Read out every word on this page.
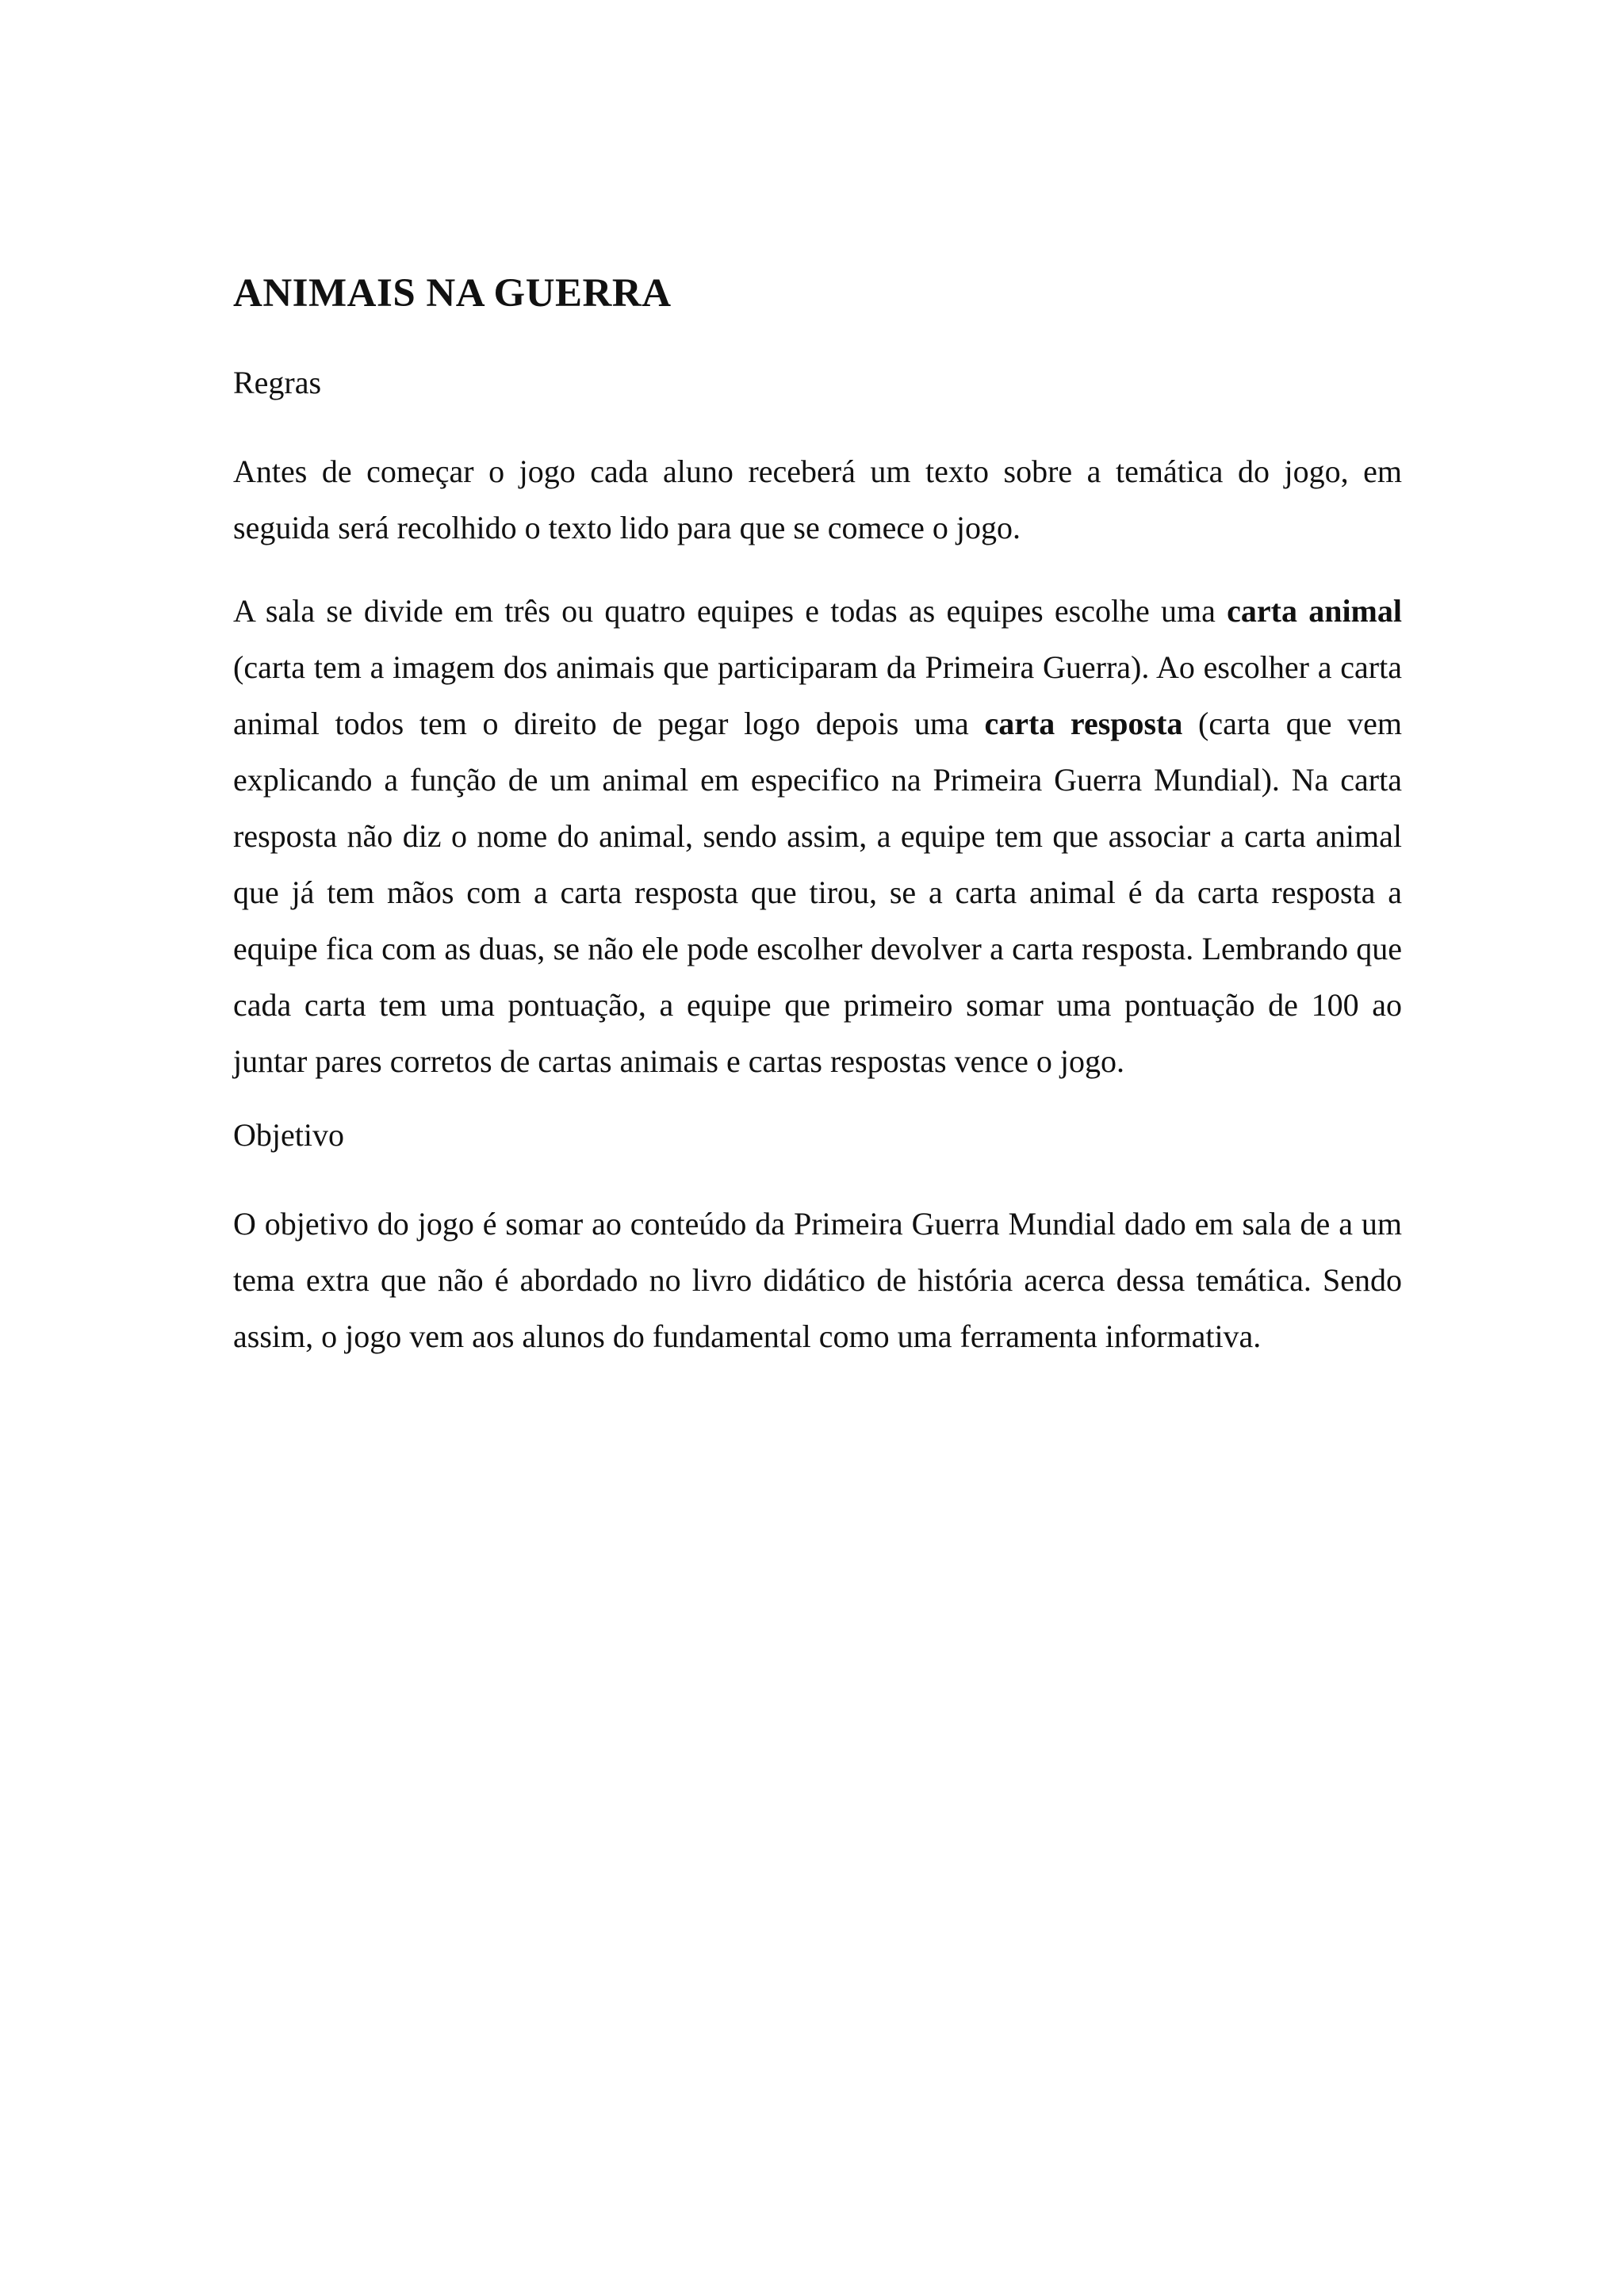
ANIMAIS NA GUERRA
Regras

Antes de começar o jogo cada aluno receberá um texto sobre a temática do jogo, em seguida será recolhido o texto lido para que se comece o jogo.

A sala se divide em três ou quatro equipes e todas as equipes escolhe uma carta animal (carta tem a imagem dos animais que participaram da Primeira Guerra). Ao escolher a carta animal todos tem o direito de pegar logo depois uma carta resposta (carta que vem explicando a função de um animal em especifico na Primeira Guerra Mundial). Na carta resposta não diz o nome do animal, sendo assim, a equipe tem que associar a carta animal que já tem mãos com a carta resposta que tirou, se a carta animal é da carta resposta a equipe fica com as duas, se não ele pode escolher devolver a carta resposta. Lembrando que cada carta tem uma pontuação, a equipe que primeiro somar uma pontuação de 100 ao juntar pares corretos de cartas animais e cartas respostas vence o jogo.

Objetivo

O objetivo do jogo é somar ao conteúdo da Primeira Guerra Mundial dado em sala de a um tema extra que não é abordado no livro didático de história acerca dessa temática. Sendo assim, o jogo vem aos alunos do fundamental como uma ferramenta informativa.
